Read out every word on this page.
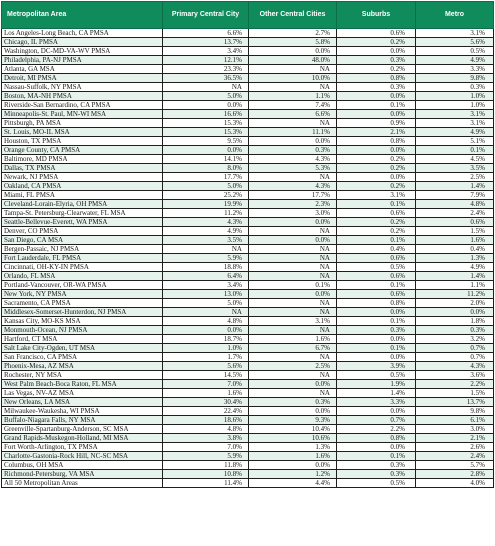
Metropolitan Area	Primary Central City	Other Central Cities	Suburbs	Metro
Los Angeles-Long Beach, CA PMSA	6.6%	2.7%	0.6%	3.1%
Chicago, IL PMSA	13.7%	5.8%	0.2%	5.6%
Washington, DC-MD-VA-WV PMSA	3.4%	0.0%	0.0%	0.5%
Philadelphia, PA-NJ PMSA	12.1%	48.0%	0.3%	4.9%
Atlanta, GA MSA	23.3%	NA	0.2%	3.3%
Detroit, MI PMSA	36.5%	10.0%	0.8%	9.8%
Nassau-Suffolk, NY PMSA	NA	NA	0.3%	0.3%
Boston, MA-NH PMSA	5.0%	1.1%	0.0%	1.0%
Riverside-San Bernardino, CA PMSA	0.0%	7.4%	0.1%	1.0%
Minneapolis-St. Paul, MN-WI MSA	16.6%	6.6%	0.0%	3.1%
Pittsburgh, PA MSA	15.3%	NA	0.9%	3.1%
St. Louis, MO-IL MSA	15.3%	11.1%	2.1%	4.9%
Houston, TX PMSA	9.5%	0.0%	0.8%	5.1%
Orange County, CA PMSA	0.0%	0.3%	0.0%	0.1%
Baltimore, MD PMSA	14.1%	4.3%	0.2%	4.5%
Dallas, TX PMSA	8.0%	5.3%	0.2%	3.5%
Newark, NJ PMSA	17.7%	NA	0.0%	2.5%
Oakland, CA PMSA	5.0%	4.3%	0.2%	1.4%
Miami, FL PMSA	25.2%	17.7%	3.1%	7.9%
Cleveland-Lorain-Elyria, OH PMSA	19.9%	2.3%	0.1%	4.8%
Tampa-St. Petersburg-Clearwater, FL MSA	11.2%	3.0%	0.6%	2.4%
Seattle-Bellevue-Everett, WA PMSA	4.3%	0.0%	0.2%	0.6%
Denver, CO PMSA	4.9%	NA	0.2%	1.5%
San Diego, CA MSA	3.5%	0.0%	0.1%	1.6%
Bergen-Passaic, NJ PMSA	NA	NA	0.4%	0.4%
Fort Lauderdale, FL PMSA	5.9%	NA	0.6%	1.3%
Cincinnati, OH-KY-IN PMSA	18.8%	NA	0.5%	4.9%
Orlando, FL MSA	6.4%	NA	0.6%	1.4%
Portland-Vancouver, OR-WA PMSA	3.4%	0.1%	0.1%	1.1%
New York, NY PMSA	13.0%	0.0%	0.6%	11.2%
Sacramento, CA PMSA	5.0%	NA	0.8%	2.0%
Middlesex-Somerset-Hunterdon, NJ PMSA	NA	NA	0.0%	0.0%
Kansas City, MO-KS MSA	4.8%	3.1%	0.1%	1.8%
Monmouth-Ocean, NJ PMSA	0.0%	NA	0.3%	0.3%
Hartford, CT MSA	18.7%	1.6%	0.0%	3.2%
Salt Lake City-Ogden, UT MSA	1.0%	6.7%	0.1%	0.7%
San Francisco, CA PMSA	1.7%	NA	0.0%	0.7%
Phoenix-Mesa, AZ MSA	5.6%	2.5%	3.9%	4.3%
Rochester, NY MSA	14.5%	NA	0.5%	3.6%
West Palm Beach-Boca Raton, FL MSA	7.0%	0.0%	1.9%	2.2%
Las Vegas, NV-AZ MSA	1.6%	NA	1.4%	1.5%
New Orleans, LA MSA	30.4%	0.3%	3.3%	13.7%
Milwaukee-Waukesha, WI PMSA	22.4%	0.0%	0.0%	9.8%
Buffalo-Niagara Falls, NY MSA	18.6%	9.3%	0.7%	6.1%
Greenville-Spartanburg-Anderson, SC MSA	4.8%	10.4%	2.2%	3.0%
Grand Rapids-Muskegon-Holland, MI MSA	3.8%	10.6%	0.8%	2.1%
Fort Worth-Arlington, TX PMSA	7.0%	1.3%	0.0%	2.6%
Charlotte-Gastonia-Rock Hill, NC-SC MSA	5.9%	1.6%	0.1%	2.4%
Columbus, OH MSA	11.8%	0.0%	0.3%	5.7%
Richmond-Petersburg, VA MSA	10.8%	1.2%	0.3%	2.8%
All 50 Metropolitan Areas	11.4%	4.4%	0.5%	4.0%
